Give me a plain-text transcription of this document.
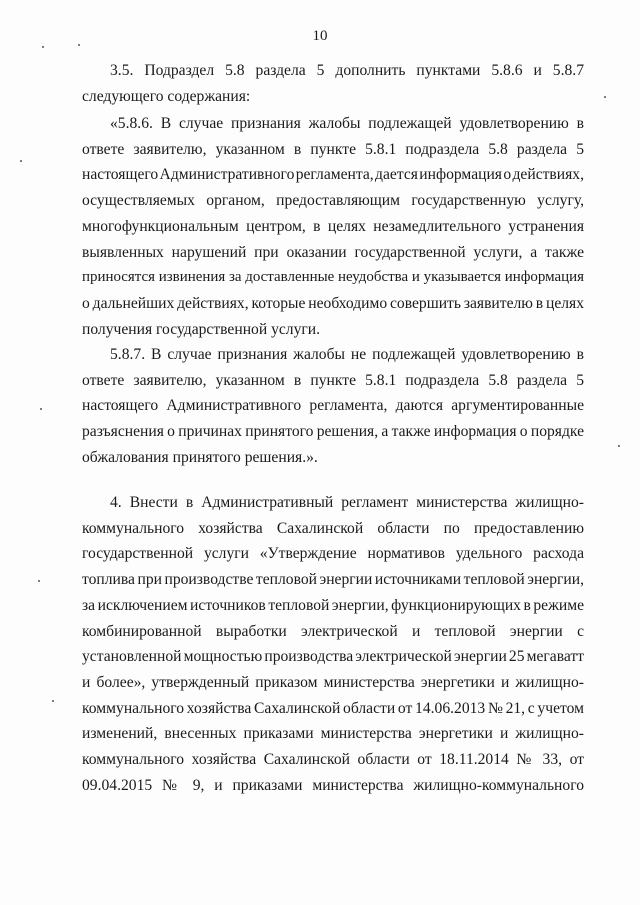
10
3.5. Подраздел 5.8 раздела 5 дополнить пунктами 5.8.6 и 5.8.7
следующего содержания:
«5.8.6. В случае признания жалобы подлежащей удовлетворению в
ответе заявителю, указанном в пункте 5.8.1 подраздела 5.8 раздела 5
настоящего Административного регламента, дается информация о действиях,
осуществляемых органом, предоставляющим государственную услугу,
многофункциональным центром, в целях незамедлительного устранения
выявленных нарушений при оказании государственной услуги, а также
приносятся извинения за доставленные неудобства и указывается информация
о дальнейших действиях, которые необходимо совершить заявителю в целях
получения государственной услуги.
5.8.7. В случае признания жалобы не подлежащей удовлетворению в
ответе заявителю, указанном в пункте 5.8.1 подраздела 5.8 раздела 5
настоящего Административного регламента, даются аргументированные
разъяснения о причинах принятого решения, а также информация о порядке
обжалования принятого решения.».
4. Внести в Административный регламент министерства жилищно-
коммунального хозяйства Сахалинской области по предоставлению
государственной услуги «Утверждение нормативов удельного расхода
топлива при производстве тепловой энергии источниками тепловой энергии,
за исключением источников тепловой энергии, функционирующих в режиме
комбинированной выработки электрической и тепловой энергии с
установленной мощностью производства электрической энергии 25 мегаватт
и более», утвержденный приказом министерства энергетики и жилищно-
коммунального хозяйства Сахалинской области от 14.06.2013 № 21, с учетом
изменений, внесенных приказами министерства энергетики и жилищно-
коммунального хозяйства Сахалинской области от 18.11.2014 № 33, от
09.04.2015 № 9, и приказами министерства жилищно-коммунального
